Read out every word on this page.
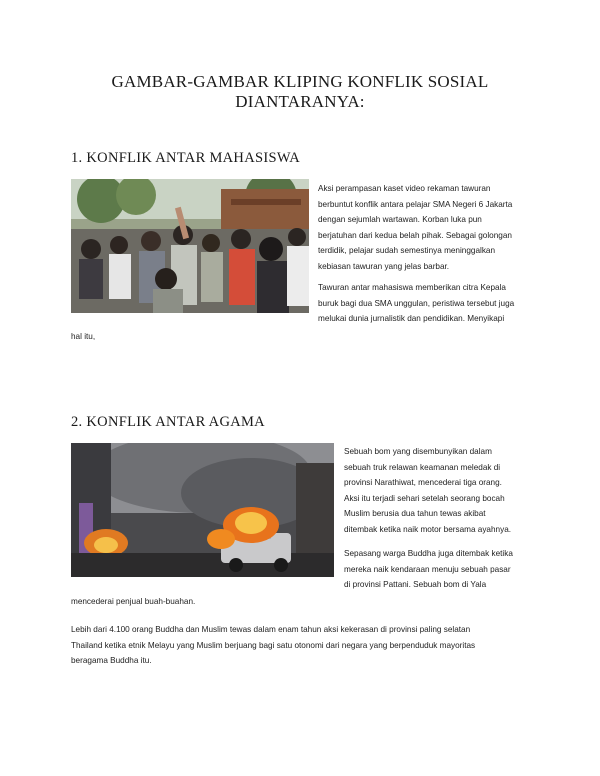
GAMBAR-GAMBAR KLIPING KONFLIK SOSIAL
DIANTARANYA:
1. KONFLIK ANTAR MAHASISWA
Aksi perampasan kaset video rekaman tawuran
berbuntut konflik antara pelajar SMA Negeri 6 Jakarta
dengan sejumlah wartawan. Korban luka pun
berjatuhan dari kedua belah pihak. Sebagai golongan
terdidik, pelajar sudah semestinya meninggalkan
kebiasan tawuran yang jelas barbar.
Tawuran antar mahasiswa memberikan citra Kepala
buruk bagi dua SMA unggulan, peristiwa tersebut juga
melukai dunia jurnalistik dan pendidikan. Menyikapi
hal itu,
2. KONFLIK ANTAR AGAMA
Sebuah bom yang disembunyikan dalam
sebuah truk relawan keamanan meledak di
provinsi Narathiwat, mencederai tiga orang.
Aksi itu terjadi sehari setelah seorang bocah
Muslim berusia dua tahun tewas akibat
ditembak ketika naik motor bersama ayahnya.
Sepasang warga Buddha juga ditembak ketika
mereka naik kendaraan menuju sebuah pasar
di provinsi Pattani. Sebuah bom di Yala
mencederai penjual buah-buahan.
Lebih dari 4.100 orang Buddha dan Muslim tewas dalam enam tahun aksi kekerasan di provinsi paling selatan
Thailand ketika etnik Melayu yang Muslim berjuang bagi satu otonomi dari negara yang berpenduduk mayoritas
beragama Buddha itu.
